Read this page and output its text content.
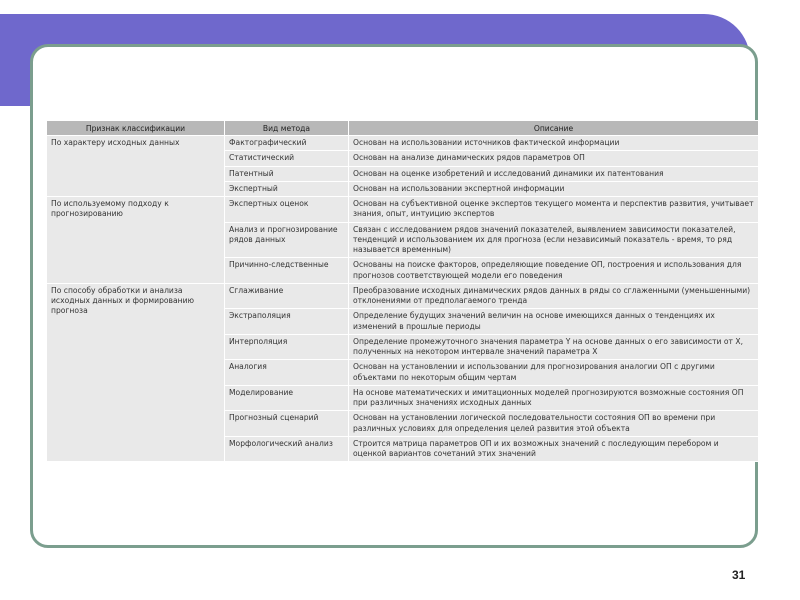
Признак классификации	Вид метода	Описание
По характеру исходных данных	Фактографический	Основан на использовании источников фактической информации
	Статистический	Основан на анализе динамических рядов параметров ОП
	Патентный	Основан на оценке изобретений и исследований динамики их патентования
	Экспертный	Основан на использовании экспертной информации
По используемому подходу к прогнозированию	Экспертных оценок	Основан на субъективной оценке экспертов текущего момента и перспектив развития, учитывает знания, опыт, интуицию экспертов
	Анализ и прогнозирование рядов данных	Связан с исследованием рядов значений показателей, выявлением зависимости показателей, тенденций и использованием их для прогноза (если независимый показатель - время, то ряд называется временным)
	Причинно-следственные	Основаны на поиске факторов, определяющие поведение ОП, построения и использования для прогнозов соответствующей модели его поведения
По способу обработки и анализа исходных данных и формированию прогноза	Сглаживание	Преобразование исходных динамических рядов данных в ряды со сглаженными (уменьшенными) отклонениями от предполагаемого тренда
	Экстраполяция	Определение будущих значений величин на основе имеющихся данных о тенденциях их изменений в прошлые периоды
	Интерполяция	Определение промежуточного значения параметра Y на основе данных о его зависимости от X, полученных на некотором интервале значений параметра X
	Аналогия	Основан на установлении и использовании для прогнозирования аналогии ОП с другими объектами по некоторым общим чертам
	Моделирование	На основе математических и имитационных моделей прогнозируются возможные состояния ОП при различных значениях исходных данных
	Прогнозный сценарий	Основан на установлении логической последовательности состояния ОП во времени при различных условиях для определения целей развития этой объекта
	Морфологический анализ	Строится матрица параметров ОП и их возможных значений с последующим перебором и оценкой вариантов сочетаний этих значений
31
